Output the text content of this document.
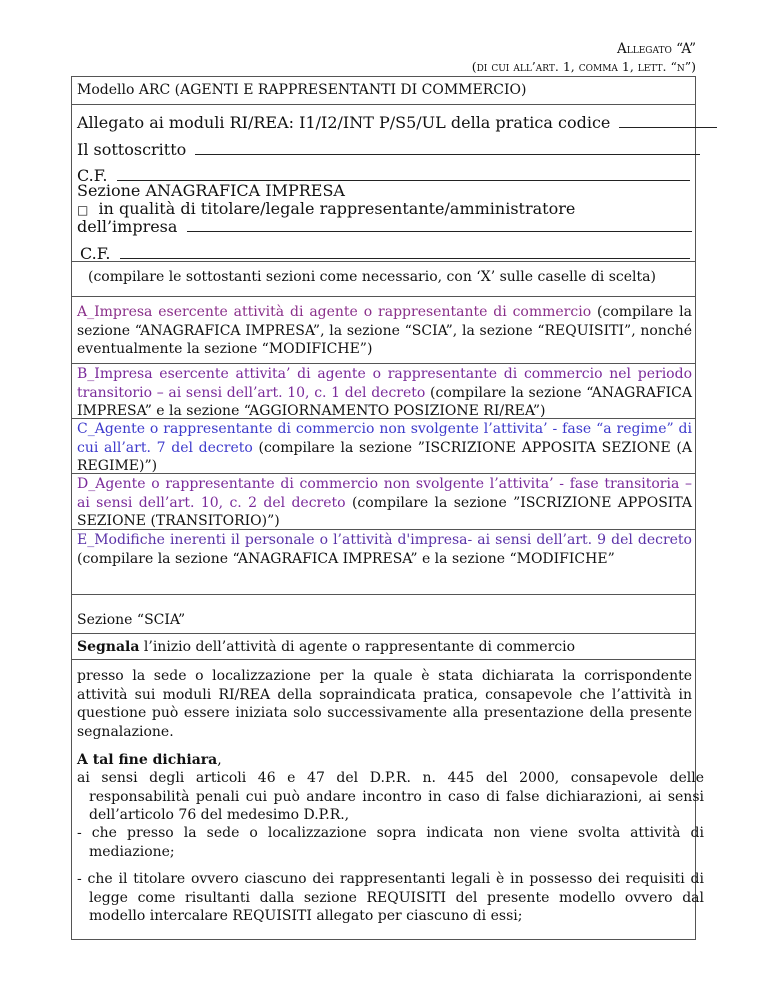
Allegato “A”
(di cui all’art. 1, comma 1, lett. “n”)
Modello ARC (AGENTI E RAPPRESENTANTI DI COMMERCIO)
Allegato ai moduli RI/REA: I1/I2/INT P/S5/UL della pratica codice
Il sottoscritto
C.F.
Sezione ANAGRAFICA IMPRESA
□ in qualità di titolare/legale rappresentante/amministratore
dell’impresa
C.F.
(compilare le sottostanti sezioni come necessario, con ‘X’ sulle caselle di scelta)
A_Impresa esercente attività di agente o rappresentante di commercio (compilare la sezione “ANAGRAFICA IMPRESA”, la sezione “SCIA”, la sezione “REQUISITI”, nonché eventualmente la sezione “MODIFICHE”)
B_Impresa esercente attivita’ di agente o rappresentante di commercio nel periodo transitorio – ai sensi dell’art. 10, c. 1 del decreto (compilare la sezione “ANAGRAFICA IMPRESA” e la sezione “AGGIORNAMENTO POSIZIONE RI/REA”)
C_Agente o rappresentante di commercio non svolgente l’attivita’ - fase “a regime” di cui all’art. 7 del decreto (compilare la sezione ”ISCRIZIONE APPOSITA SEZIONE (A REGIME)”)
D_Agente o rappresentante di commercio non svolgente l’attivita’ - fase transitoria – ai sensi dell’art. 10, c. 2 del decreto (compilare la sezione ”ISCRIZIONE APPOSITA SEZIONE (TRANSITORIO)”)
E_Modifiche inerenti il personale o l’attività d'impresa- ai sensi dell’art. 9 del decreto (compilare la sezione “ANAGRAFICA IMPRESA” e la sezione “MODIFICHE”
Sezione “SCIA”
Segnala l’inizio dell’attività di agente o rappresentante di commercio
presso la sede o localizzazione per la quale è stata dichiarata la corrispondente attività sui moduli RI/REA della sopraindicata pratica, consapevole che l’attività in questione può essere iniziata solo successivamente alla presentazione della presente segnalazione.
A tal fine dichiara,
ai sensi degli articoli 46 e 47 del D.P.R. n. 445 del 2000, consapevole delle responsabilità penali cui può andare incontro in caso di false dichiarazioni, ai sensi dell’articolo 76 del medesimo D.P.R.,
- che presso la sede o localizzazione sopra indicata non viene svolta attività di mediazione;
- che il titolare ovvero ciascuno dei rappresentanti legali è in possesso dei requisiti di legge come risultanti dalla sezione REQUISITI del presente modello ovvero dal modello intercalare REQUISITI allegato per ciascuno di essi;
